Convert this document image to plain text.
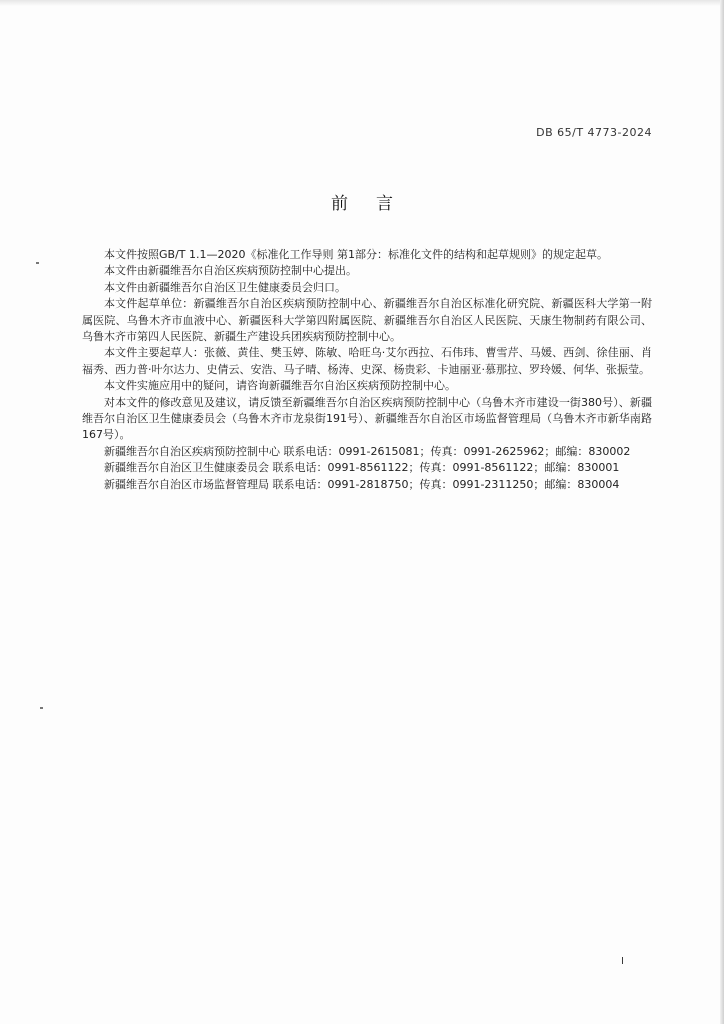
DB 65/T 4773-2024
前言

本文件按照GB/T 1.1—2020《标准化工作导则 第1部分：标准化文件的结构和起草规则》的规定起草。

本文件由新疆维吾尔自治区疾病预防控制中心提出。

本文件由新疆维吾尔自治区卫生健康委员会归口。

本文件起草单位：新疆维吾尔自治区疾病预防控制中心、新疆维吾尔自治区标准化研究院、新疆医科大学第一附属医院、乌鲁木齐市血液中心、新疆医科大学第四附属医院、新疆维吾尔自治区人民医院、天康生物制药有限公司、乌鲁木齐市第四人民医院、新疆生产建设兵团疾病预防控制中心。

本文件主要起草人：张薇、黄佳、樊玉婷、陈敏、哈旺乌·艾尔西拉、石伟玮、曹雪芹、马媛、西剑、徐佳丽、肖福秀、西力普·叶尔达力、史倩云、安浩、马子晴、杨涛、史深、杨贵彩、卡迪丽亚·慕那拉、罗玲媛、何华、张振莹。

本文件实施应用中的疑问，请咨询新疆维吾尔自治区疾病预防控制中心。

对本文件的修改意见及建议，请反馈至新疆维吾尔自治区疾病预防控制中心（乌鲁木齐市建设一街380号）、新疆维吾尔自治区卫生健康委员会（乌鲁木齐市龙泉街191号）、新疆维吾尔自治区市场监督管理局（乌鲁木齐市新华南路167号）。

新疆维吾尔自治区疾病预防控制中心 联系电话：0991-2615081；传真：0991-2625962；邮编：830002
新疆维吾尔自治区卫生健康委员会 联系电话：0991-8561122；传真：0991-8561122；邮编：830001
新疆维吾尔自治区市场监督管理局 联系电话：0991-2818750；传真：0991-2311250；邮编：830004
I
